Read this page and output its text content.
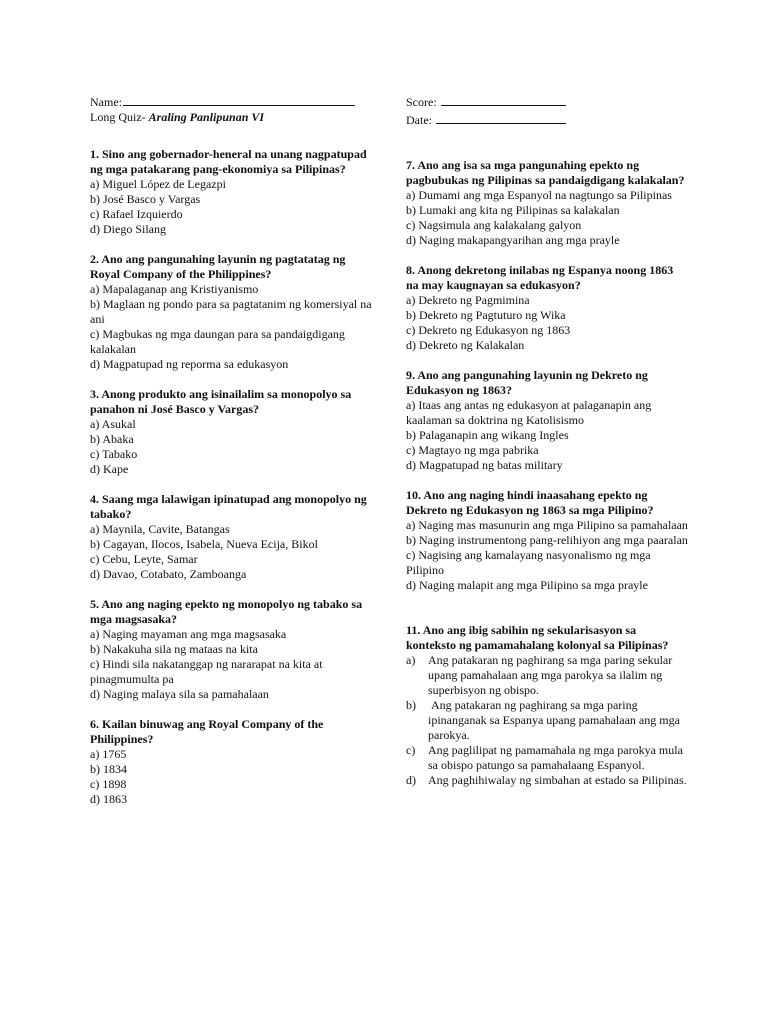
Name:
Long Quiz- Araling Panlipunan VI
1. Sino ang gobernador-heneral na unang nagpatupad ng mga patakarang pang-ekonomiya sa Pilipinas?
a) Miguel López de Legazpi
b) José Basco y Vargas
c) Rafael Izquierdo
d) Diego Silang
2. Ano ang pangunahing layunin ng pagtatatag ng Royal Company of the Philippines?
a) Mapalaganap ang Kristiyanismo
b) Maglaan ng pondo para sa pagtatanim ng komersiyal na ani
c) Magbukas ng mga daungan para sa pandaigdigang kalakalan
d) Magpatupad ng reporma sa edukasyon
3. Anong produkto ang isinailalim sa monopolyo sa panahon ni José Basco y Vargas?
a) Asukal
b) Abaka
c) Tabako
d) Kape
4. Saang mga lalawigan ipinatupad ang monopolyo ng tabako?
a) Maynila, Cavite, Batangas
b) Cagayan, Ilocos, Isabela, Nueva Ecija, Bikol
c) Cebu, Leyte, Samar
d) Davao, Cotabato, Zamboanga
5. Ano ang naging epekto ng monopolyo ng tabako sa mga magsasaka?
a) Naging mayaman ang mga magsasaka
b) Nakakuha sila ng mataas na kita
c) Hindi sila nakatanggap ng nararapat na kita at pinagmumulta pa
d) Naging malaya sila sa pamahalaan
6. Kailan binuwag ang Royal Company of the Philippines?
a) 1765
b) 1834
c) 1898
d) 1863
Score:
Date:
7. Ano ang isa sa mga pangunahing epekto ng pagbubukas ng Pilipinas sa pandaigdigang kalakalan?
a) Dumami ang mga Espanyol na nagtungo sa Pilipinas
b) Lumaki ang kita ng Pilipinas sa kalakalan
c) Nagsimula ang kalakalang galyon
d) Naging makapangyarihan ang mga prayle
8. Anong dekretong inilabas ng Espanya noong 1863 na may kaugnayan sa edukasyon?
a) Dekreto ng Pagmimina
b) Dekreto ng Pagtuturo ng Wika
c) Dekreto ng Edukasyon ng 1863
d) Dekreto ng Kalakalan
9. Ano ang pangunahing layunin ng Dekreto ng Edukasyon ng 1863?
a) Itaas ang antas ng edukasyon at palaganapin ang kaalaman sa doktrina ng Katolisismo
b) Palaganapin ang wikang Ingles
c) Magtayo ng mga pabrika
d) Magpatupad ng batas military
10. Ano ang naging hindi inaasahang epekto ng Dekreto ng Edukasyon ng 1863 sa mga Pilipino?
a) Naging mas masunurin ang mga Pilipino sa pamahalaan
b) Naging instrumentong pang-relihiyon ang mga paaralan
c) Nagising ang kamalayang nasyonalismo ng mga Pilipino
d) Naging malapit ang mga Pilipino sa mga prayle
11. Ano ang ibig sabihin ng sekularisasyon sa konteksto ng pamamahalang kolonyal sa Pilipinas?
a)	Ang patakaran ng paghirang sa mga paring sekular upang pamahalaan ang mga parokya sa ilalim ng superbisyon ng obispo.
b)	Ang patakaran ng paghirang sa mga paring ipinanganak sa Espanya upang pamahalaan ang mga parokya.
c)	Ang paglilipat ng pamamahala ng mga parokya mula sa obispo patungo sa pamahalaang Espanyol.
d)	Ang paghihiwalay ng simbahan at estado sa Pilipinas.
